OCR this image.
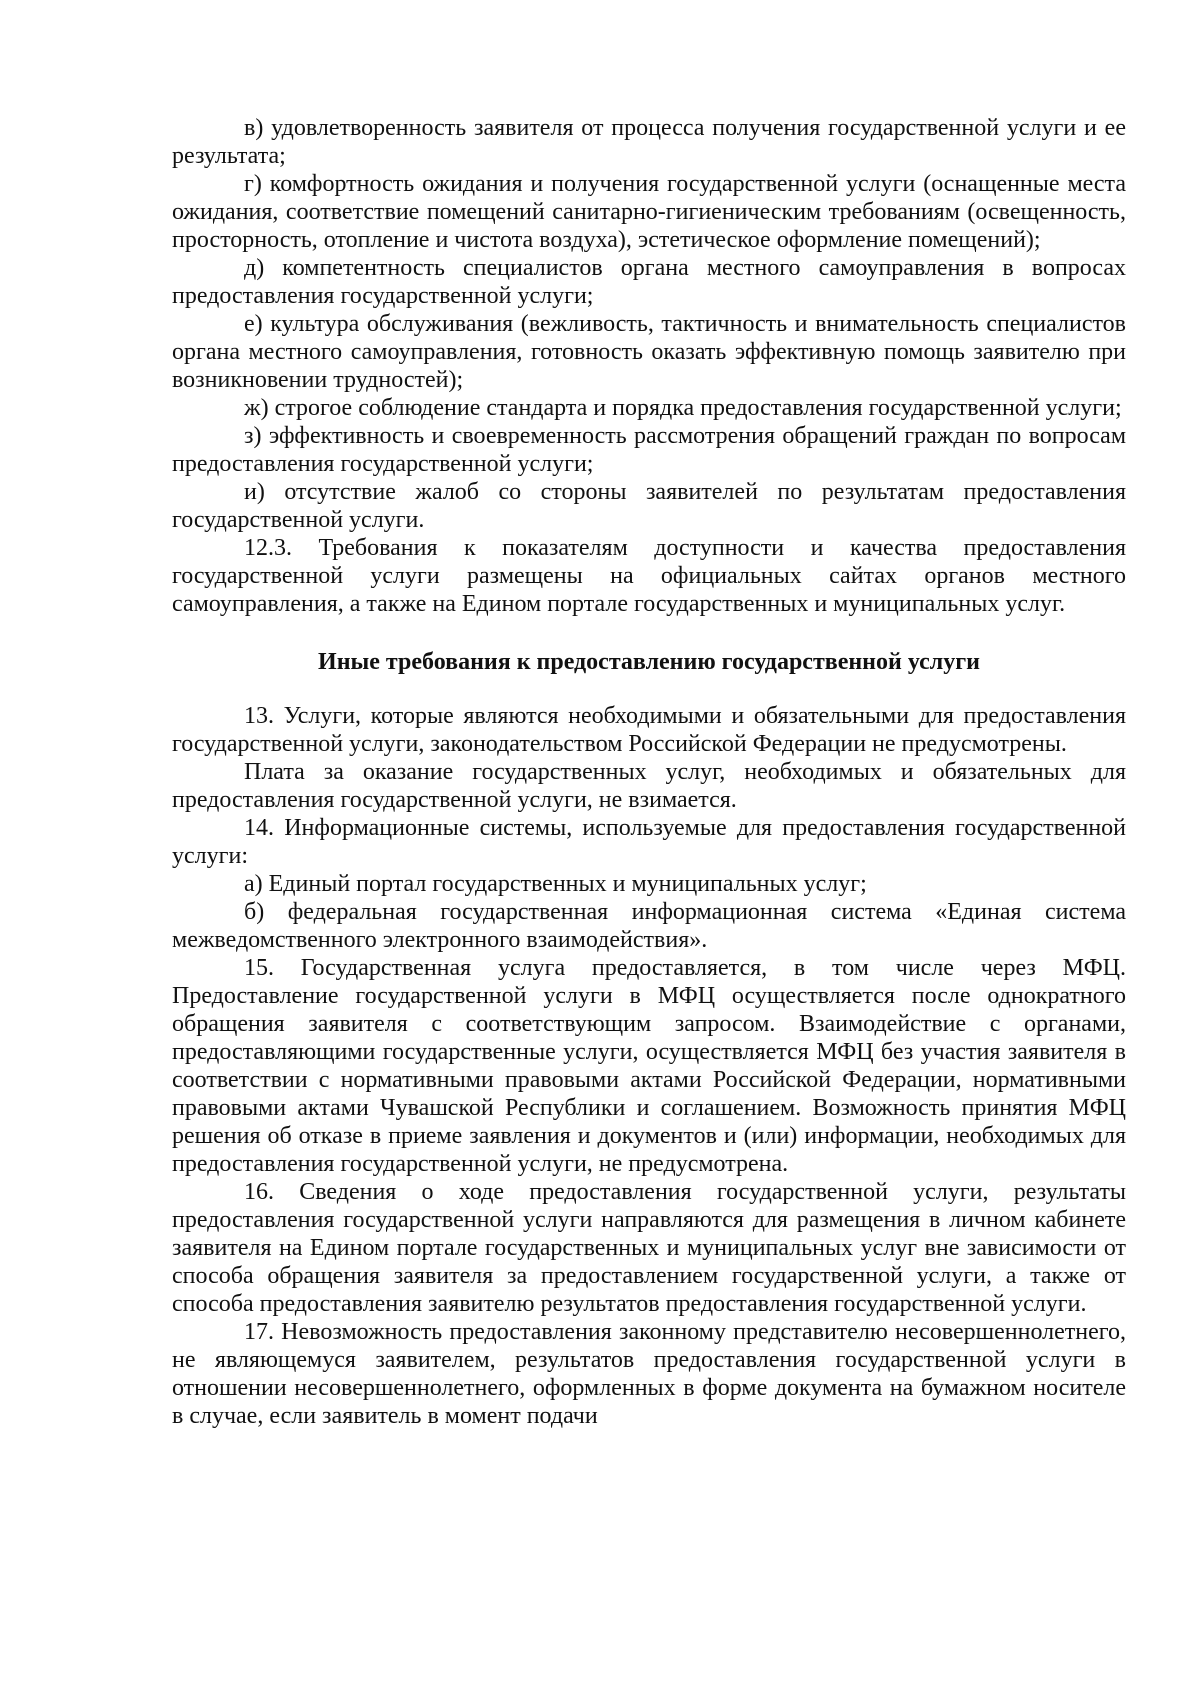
в) удовлетворенность заявителя от процесса получения государственной услуги и ее результата;

г) комфортность ожидания и получения государственной услуги (оснащенные места ожидания, соответствие помещений санитарно-гигиеническим требованиям (освещенность, просторность, отопление и чистота воздуха), эстетическое оформление помещений);

д) компетентность специалистов органа местного самоуправления в вопросах предоставления государственной услуги;

е) культура обслуживания (вежливость, тактичность и внимательность специалистов органа местного самоуправления, готовность оказать эффективную помощь заявителю при возникновении трудностей);

ж) строгое соблюдение стандарта и порядка предоставления государственной услуги;

з) эффективность и своевременность рассмотрения обращений граждан по вопросам предоставления государственной услуги;

и) отсутствие жалоб со стороны заявителей по результатам предоставления государственной услуги.

12.3. Требования к показателям доступности и качества предоставления государственной услуги размещены на официальных сайтах органов местного самоуправления, а также на Едином портале государственных и муниципальных услуг.

Иные требования к предоставлению государственной услуги

13. Услуги, которые являются необходимыми и обязательными для предоставления государственной услуги, законодательством Российской Федерации не предусмотрены.

Плата за оказание государственных услуг, необходимых и обязательных для предоставления государственной услуги, не взимается.

14. Информационные системы, используемые для предоставления государственной услуги:

а) Единый портал государственных и муниципальных услуг;

б) федеральная государственная информационная система «Единая система межведомственного электронного взаимодействия».

15. Государственная услуга предоставляется, в том числе через МФЦ. Предоставление государственной услуги в МФЦ осуществляется после однократного обращения заявителя с соответствующим запросом. Взаимодействие с органами, предоставляющими государственные услуги, осуществляется МФЦ без участия заявителя в соответствии с нормативными правовыми актами Российской Федерации, нормативными правовыми актами Чувашской Республики и соглашением. Возможность принятия МФЦ решения об отказе в приеме заявления и документов и (или) информации, необходимых для предоставления государственной услуги, не предусмотрена.

16. Сведения о ходе предоставления государственной услуги, результаты предоставления государственной услуги направляются для размещения в личном кабинете заявителя на Едином портале государственных и муниципальных услуг вне зависимости от способа обращения заявителя за предоставлением государственной услуги, а также от способа предоставления заявителю результатов предоставления государственной услуги.

17. Невозможность предоставления законному представителю несовершеннолетнего, не являющемуся заявителем, результатов предоставления государственной услуги в отношении несовершеннолетнего, оформленных в форме документа на бумажном носителе в случае, если заявитель в момент подачи
